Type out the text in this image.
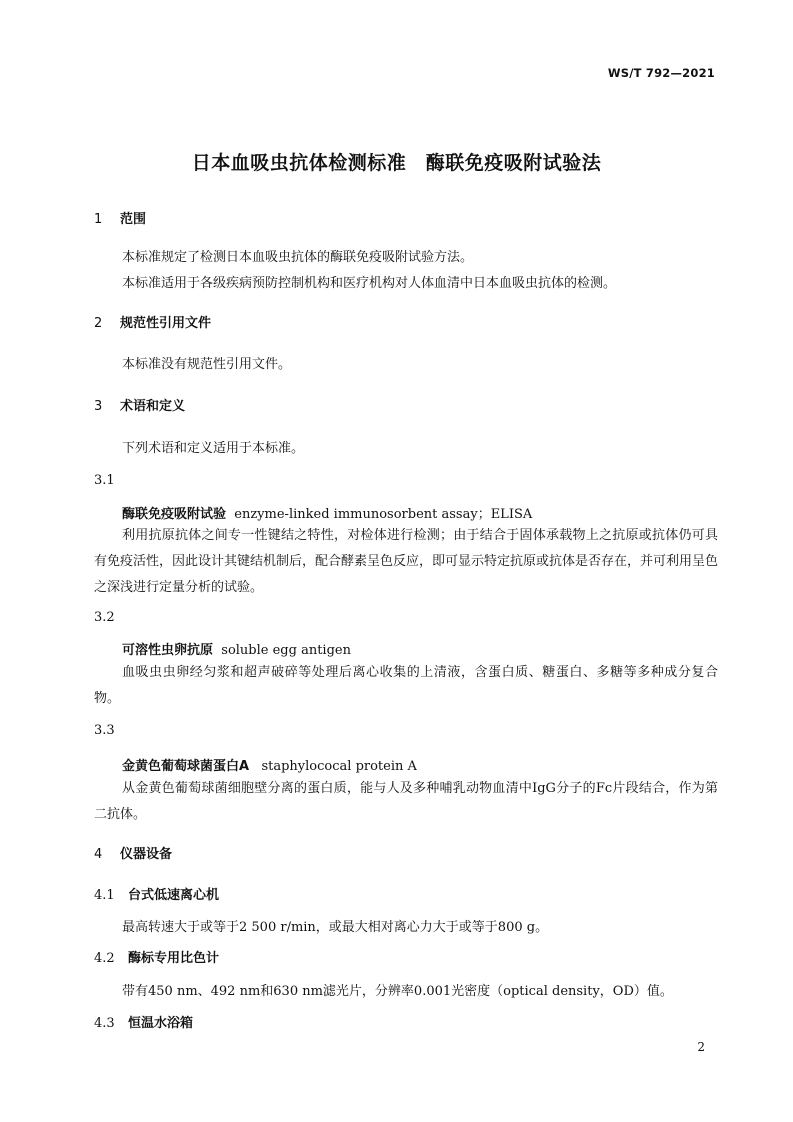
WS/T 792—2021
日本血吸虫抗体检测标准　酶联免疫吸附试验法
1 范围
本标准规定了检测日本血吸虫抗体的酶联免疫吸附试验方法。
本标准适用于各级疾病预防控制机构和医疗机构对人体血清中日本血吸虫抗体的检测。
2 规范性引用文件
本标准没有规范性引用文件。
3 术语和定义
下列术语和定义适用于本标准。
3.1
酶联免疫吸附试验 enzyme-linked immunosorbent assay；ELISA
利用抗原抗体之间专一性键结之特性，对检体进行检测；由于结合于固体承载物上之抗原或抗体仍可具有免疫活性，因此设计其键结机制后，配合酵素呈色反应，即可显示特定抗原或抗体是否存在，并可利用呈色之深浅进行定量分析的试验。
3.2
可溶性虫卵抗原 soluble egg antigen
血吸虫虫卵经匀浆和超声破碎等处理后离心收集的上清液，含蛋白质、糖蛋白、多糖等多种成分复合物。
3.3
金黄色葡萄球菌蛋白A staphylococal protein A
从金黄色葡萄球菌细胞壁分离的蛋白质，能与人及多种哺乳动物血清中IgG分子的Fc片段结合，作为第二抗体。
4 仪器设备
4.1 台式低速离心机
最高转速大于或等于2 500 r/min，或最大相对离心力大于或等于800 g。
4.2 酶标专用比色计
带有450 nm、492 nm和630 nm滤光片，分辨率0.001光密度（optical density，OD）值。
4.3 恒温水浴箱
2
